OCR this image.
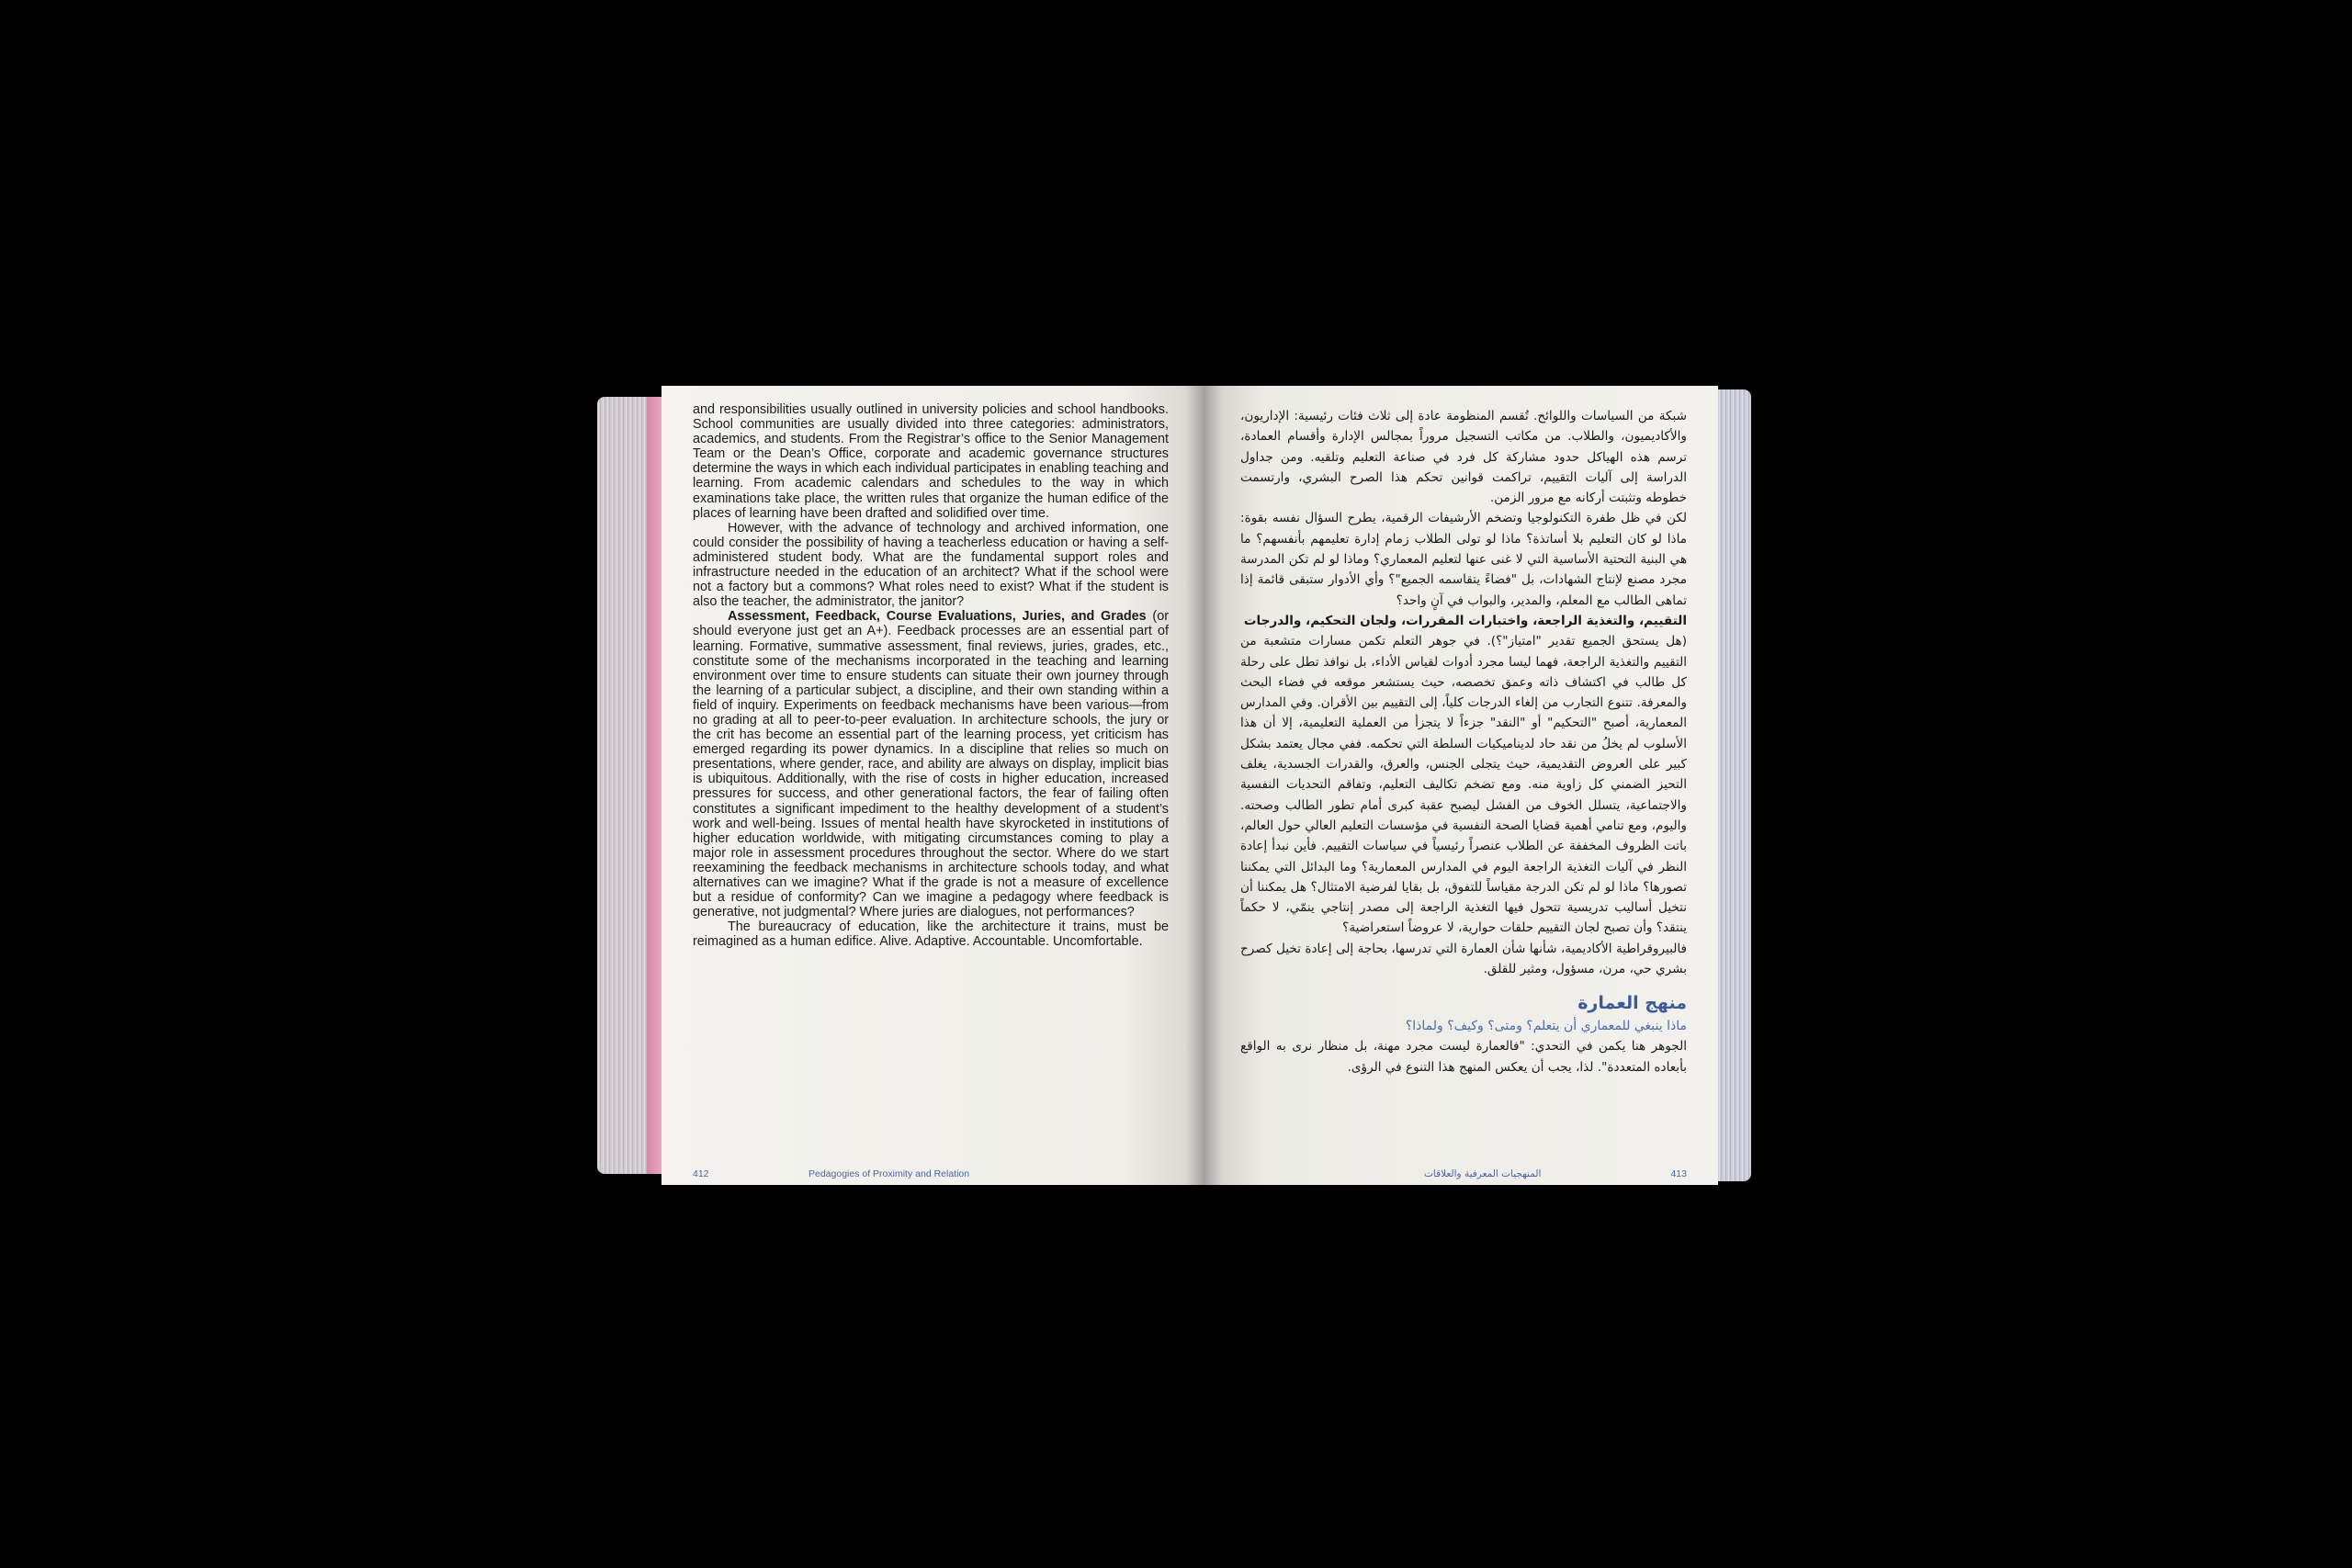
and responsibilities usually outlined in university policies and school handbooks. School communities are usually divided into three categories: administrators, academics, and students. From the Registrar’s office to the Senior Management Team or the Dean’s Office, corporate and academic governance structures determine the ways in which each individual participates in enabling teaching and learning. From academic calendars and schedules to the way in which examinations take place, the written rules that organize the human edifice of the places of learning have been drafted and solidified over time.

However, with the advance of technology and archived information, one could consider the possibility of having a teacherless education or having a self-administered student body. What are the fundamental support roles and infrastructure needed in the education of an architect? What if the school were not a factory but a commons? What roles need to exist? What if the student is also the teacher, the administrator, the janitor?

Assessment, Feedback, Course Evaluations, Juries, and Grades (or should everyone just get an A+). Feedback processes are an essential part of learning. Formative, summative assessment, final reviews, juries, grades, etc., constitute some of the mechanisms incorporated in the teaching and learning environment over time to ensure students can situate their own journey through the learning of a particular subject, a discipline, and their own standing within a field of inquiry. Experiments on feedback mechanisms have been various—from no grading at all to peer-to-peer evaluation. In architecture schools, the jury or the crit has become an essential part of the learning process, yet criticism has emerged regarding its power dynamics. In a discipline that relies so much on presentations, where gender, race, and ability are always on display, implicit bias is ubiquitous. Additionally, with the rise of costs in higher education, increased pressures for success, and other generational factors, the fear of failing often constitutes a significant impediment to the healthy development of a student’s work and well-being. Issues of mental health have skyrocketed in institutions of higher education worldwide, with mitigating circumstances coming to play a major role in assessment procedures throughout the sector. Where do we start reexamining the feedback mechanisms in architecture schools today, and what alternatives can we imagine? What if the grade is not a measure of excellence but a residue of conformity? Can we imagine a pedagogy where feedback is generative, not judgmental? Where juries are dialogues, not performances?

The bureaucracy of education, like the architecture it trains, must be reimagined as a human edifice. Alive. Adaptive. Accountable. Uncomfortable.

412	Pedagogies of Proximity and Relation

شبكة من السياسات واللوائح. تُقسم المنظومة عادة إلى ثلاث فئات رئيسية: الإداريون، والأكاديميون، والطلاب. من مكاتب التسجيل مروراً بمجالس الإدارة وأقسام العمادة، ترسم هذه الهياكل حدود مشاركة كل فرد في صناعة التعليم وتلقيه. ومن جداول الدراسة إلى آليات التقييم، تراكمت قوانين تحكم هذا الصرح البشري، وارتسمت خطوطه وتثبتت أركانه مع مرور الزمن.

لكن في ظل طفرة التكنولوجيا وتضخم الأرشيفات الرقمية، يطرح السؤال نفسه بقوة: ماذا لو كان التعليم بلا أساتذة؟ ماذا لو تولى الطلاب زمام إدارة تعليمهم بأنفسهم؟ ما هي البنية التحتية الأساسية التي لا غنى عنها لتعليم المعماري؟ وماذا لو لم تكن المدرسة مجرد مصنع لإنتاج الشهادات، بل "فضاءً يتقاسمه الجميع"؟ وأي الأدوار ستبقى قائمة إذا تماهى الطالب مع المعلم، والمدير، والبواب في آنٍ واحد؟

التقييم، والتغذية الراجعة، واختبارات المقررات، ولجان التحكيم، والدرجات

(هل يستحق الجميع تقدير "امتياز"؟). في جوهر التعلم تكمن مسارات متشعبة من التقييم والتغذية الراجعة، فهما ليسا مجرد أدوات لقياس الأداء، بل نوافذ تطل على رحلة كل طالب في اكتشاف ذاته وعمق تخصصه، حيث يستشعر موقعه في فضاء البحث والمعرفة. تتنوع التجارب من إلغاء الدرجات كلياً، إلى التقييم بين الأقران. وفي المدارس المعمارية، أصبح "التحكيم" أو "النقد" جزءاً لا يتجزأ من العملية التعليمية، إلا أن هذا الأسلوب لم يخلُ من نقد حاد لديناميكيات السلطة التي تحكمه. ففي مجال يعتمد بشكل كبير على العروض التقديمية، حيث يتجلى الجنس، والعرق، والقدرات الجسدية، يغلف التحيز الضمني كل زاوية منه. ومع تضخم تكاليف التعليم، وتفاقم التحديات النفسية والاجتماعية، يتسلل الخوف من الفشل ليصبح عقبة كبرى أمام تطور الطالب وصحته. واليوم، ومع تنامي أهمية قضايا الصحة النفسية في مؤسسات التعليم العالي حول العالم، باتت الظروف المخففة عن الطلاب عنصراً رئيسياً في سياسات التقييم. فأين نبدأ إعادة النظر في آليات التغذية الراجعة اليوم في المدارس المعمارية؟ وما البدائل التي يمكننا تصورها؟ ماذا لو لم تكن الدرجة مقياساً للتفوق، بل بقايا لفرضية الامتثال؟ هل يمكننا أن نتخيل أساليب تدريسية تتحول فيها التغذية الراجعة إلى مصدر إنتاجي ينمّي، لا حكماً ينتقد؟ وأن تصبح لجان التقييم حلقات حوارية، لا عروضاً استعراضية؟

فالبيروقراطية الأكاديمية، شأنها شأن العمارة التي تدرسها، بحاجة إلى إعادة تخيل كصرح بشري حي، مرن، مسؤول، ومثير للقلق.

منهج العمارة
ماذا ينبغي للمعماري أن يتعلم؟ ومتى؟ وكيف؟ ولماذا؟

الجوهر هنا يكمن في التحدي: "فالعمارة ليست مجرد مهنة، بل منظار نرى به الواقع بأبعاده المتعددة". لذا، يجب أن يعكس المنهج هذا التنوع في الرؤى.

413
المنهجيات المعرفية والعلاقات
